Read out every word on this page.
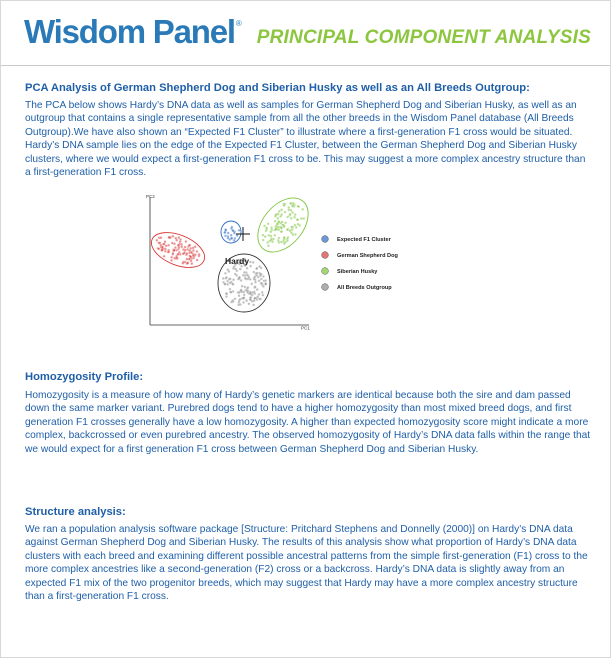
Wisdom Panel ®
PRINCIPAL COMPONENT ANALYSIS
PCA Analysis of German Shepherd Dog and Siberian Husky as well as an All Breeds Outgroup:
The PCA below shows Hardy’s DNA data as well as samples for German Shepherd Dog and Siberian Husky, as well as an outgroup that contains a single representative sample from all the other breeds in the Wisdom Panel database (All Breeds Outgroup).We have also shown an “Expected F1 Cluster” to illustrate where a first-generation F1 cross would be situated. Hardy’s DNA sample lies on the edge of the Expected F1 Cluster, between the German Shepherd Dog and Siberian Husky clusters, where we would expect a first-generation F1 cross to be. This may suggest a more complex ancestry structure than a first-generation F1 cross.
PC2
PC1
Hardy
Expected F1 Cluster
German Shepherd Dog
Siberian Husky
All Breeds Outgroup
Homozygosity Profile:
Homozygosity is a measure of how many of Hardy’s genetic markers are identical because both the sire and dam passed down the same marker variant. Purebred dogs tend to have a higher homozygosity than most mixed breed dogs, and first generation F1 crosses generally have a low homozygosity. A higher than expected homozygosity score might indicate a more complex, backcrossed or even purebred ancestry. The observed homozygosity of Hardy’s DNA data falls within the range that we would expect for a first generation F1 cross between German Shepherd Dog and Siberian Husky.
Structure analysis:
We ran a population analysis software package [Structure: Pritchard Stephens and Donnelly (2000)] on Hardy’s DNA data against German Shepherd Dog and Siberian Husky. The results of this analysis show what proportion of Hardy’s DNA data clusters with each breed and examining different possible ancestral patterns from the simple first-generation (F1) cross to the more complex ancestries like a second-generation (F2) cross or a backcross. Hardy’s DNA data is slightly away from an expected F1 mix of the two progenitor breeds, which may suggest that Hardy may have a more complex ancestry structure than a first-generation F1 cross.
